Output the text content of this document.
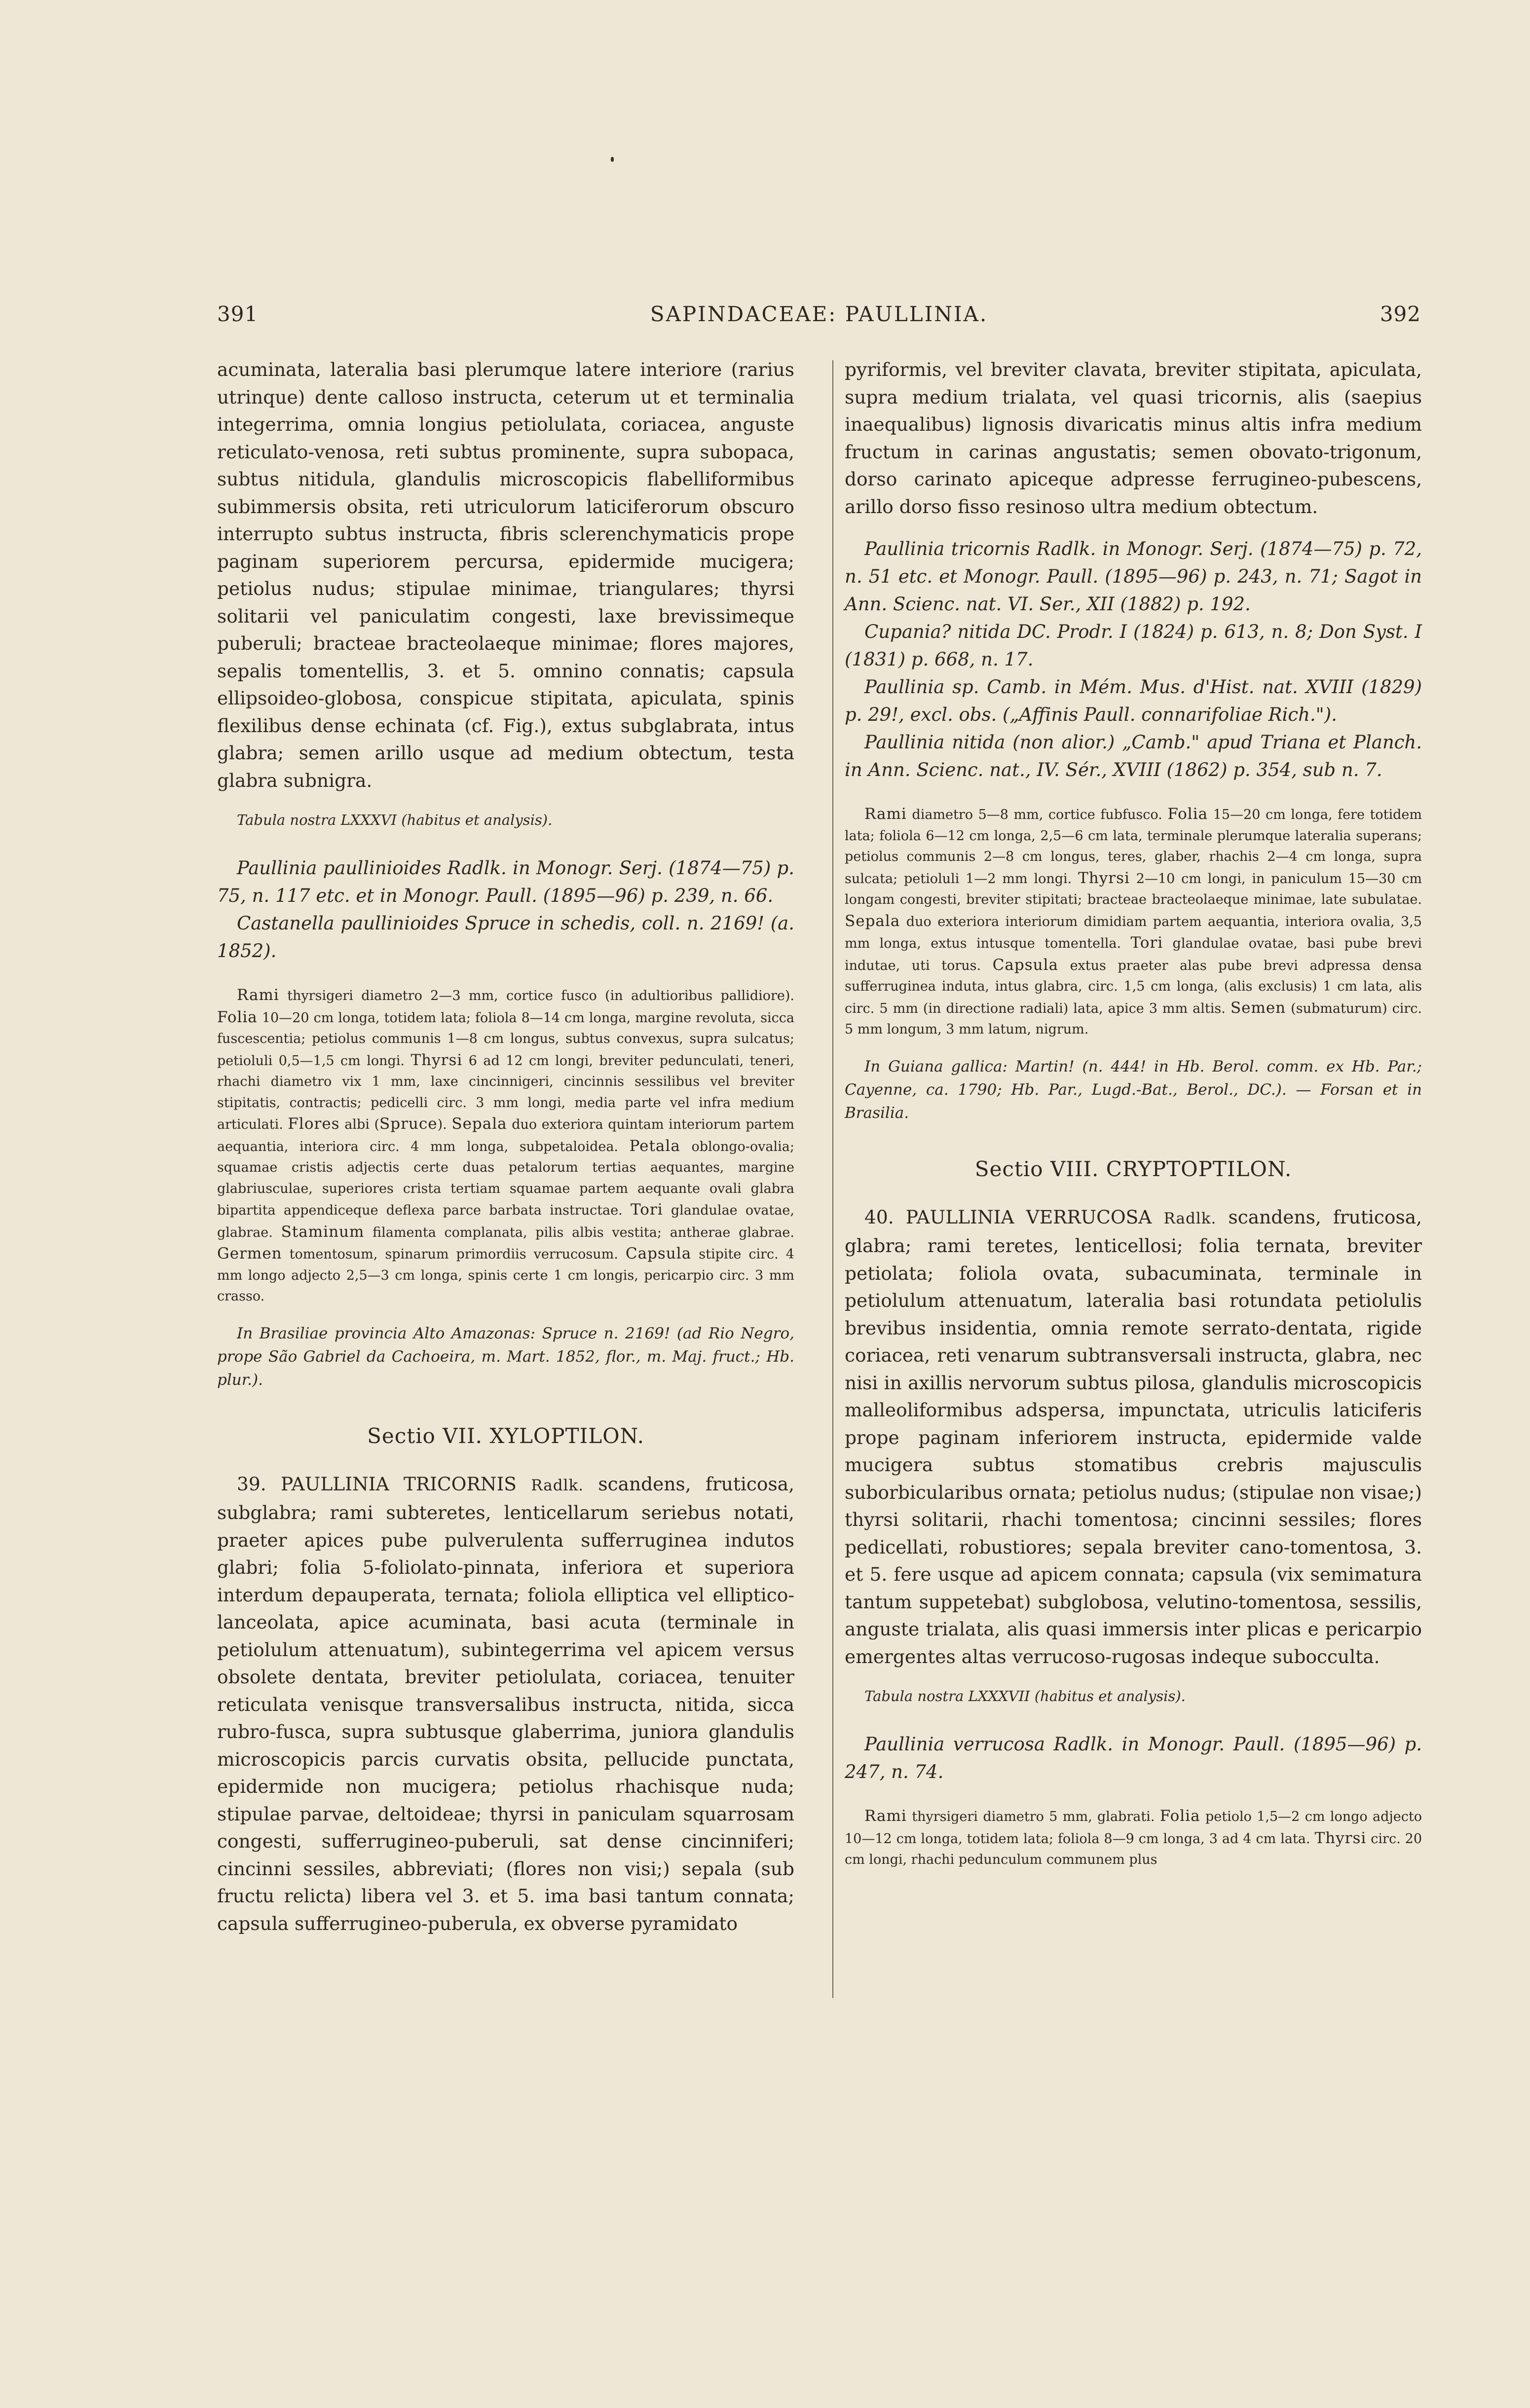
391	SAPINDACEAE: PAULLINIA.	392

acuminata, lateralia basi plerumque latere interiore (rarius utrinque) dente calloso instructa, ceterum ut et terminalia integerrima, omnia longius petiolulata, coriacea, anguste reticulato-venosa, reti subtus prominente, supra subopaca, subtus nitidula, glandulis microscopicis flabelliformibus subimmersis obsita, reti utriculorum laticiferorum obscuro interrupto subtus instructa, fibris sclerenchymaticis prope paginam superiorem percursa, epidermide mucigera; petiolus nudus; stipulae minimae, triangulares; thyrsi solitarii vel paniculatim congesti, laxe brevissimeque puberuli; bracteae bracteolaeque minimae; flores majores, sepalis tomentellis, 3. et 5. omnino connatis; capsula ellipsoideo-globosa, conspicue stipitata, apiculata, spinis flexilibus dense echinata (cf. Fig.), extus subglabrata, intus glabra; semen arillo usque ad medium obtectum, testa glabra subnigra.

Tabula nostra LXXXVI (habitus et analysis).

Paullinia paullinioides Radlk. in Monogr. Serj. (1874—75) p. 75, n. 117 etc. et in Monogr. Paull. (1895—96) p. 239, n. 66.

Castanella paullinioides Spruce in schedis, coll. n. 2169! (a. 1852).

Rami thyrsigeri diametro 2—3 mm, cortice fusco (in adultioribus pallidiore). Folia 10—20 cm longa, totidem lata; foliola 8—14 cm longa, margine revoluta, sicca fuscescentia; petiolus communis 1—8 cm longus, subtus convexus, supra sulcatus; petioluli 0,5—1,5 cm longi. Thyrsi 6 ad 12 cm longi, breviter pedunculati, teneri, rhachi diametro vix 1 mm, laxe cincinnigeri, cincinnis sessilibus vel breviter stipitatis, contractis; pedicelli circ. 3 mm longi, media parte vel infra medium articulati. Flores albi (Spruce). Sepala duo exteriora quintam interiorum partem aequantia, interiora circ. 4 mm longa, subpetaloidea. Petala oblongo-ovalia; squamae cristis adjectis certe duas petalorum tertias aequantes, margine glabriusculae, superiores crista tertiam squamae partem aequante ovali glabra bipartita appendiceque deflexa parce barbata instructae. Tori glandulae ovatae, glabrae. Staminum filamenta complanata, pilis albis vestita; antherae glabrae. Germen tomentosum, spinarum primordiis verrucosum. Capsula stipite circ. 4 mm longo adjecto 2,5—3 cm longa, spinis certe 1 cm longis, pericarpio circ. 3 mm crasso.

In Brasiliae provincia Alto Amazonas: Spruce n. 2169! (ad Rio Negro, prope São Gabriel da Cachoeira, m. Mart. 1852, flor., m. Maj. fruct.; Hb. plur.).

Sectio VII. XYLOPTILON.

39. PAULLINIA TRICORNIS Radlk. scandens, fruticosa, subglabra; rami subteretes, lenticellarum seriebus notati, praeter apices pube pulverulenta sufferruginea indutos glabri; folia 5-foliolato-pinnata, inferiora et superiora interdum depauperata, ternata; foliola elliptica vel elliptico-lanceolata, apice acuminata, basi acuta (terminale in petiolulum attenuatum), subintegerrima vel apicem versus obsolete dentata, breviter petiolulata, coriacea, tenuiter reticulata venisque transversalibus instructa, nitida, sicca rubro-fusca, supra subtusque glaberrima, juniora glandulis microscopicis parcis curvatis obsita, pellucide punctata, epidermide non mucigera; petiolus rhachisque nuda; stipulae parvae, deltoideae; thyrsi in paniculam squarrosam congesti, sufferrugineo-puberuli, sat dense cincinniferi; cincinni sessiles, abbreviati; (flores non visi;) sepala (sub fructu relicta) libera vel 3. et 5. ima basi tantum connata; capsula sufferrugineo-puberula, ex obverse pyramidato

pyriformis, vel breviter clavata, breviter stipitata, apiculata, supra medium trialata, vel quasi tricornis, alis (saepius inaequalibus) lignosis divaricatis minus altis infra medium fructum in carinas angustatis; semen obovato-trigonum, dorso carinato apiceque adpresse ferrugineo-pubescens, arillo dorso fisso resinoso ultra medium obtectum.

Paullinia tricornis Radlk. in Monogr. Serj. (1874—75) p. 72, n. 51 etc. et Monogr. Paull. (1895—96) p. 243, n. 71; Sagot in Ann. Scienc. nat. VI. Ser., XII (1882) p. 192.

Cupania? nitida DC. Prodr. I (1824) p. 613, n. 8; Don Syst. I (1831) p. 668, n. 17.

Paullinia sp. Camb. in Mém. Mus. d'Hist. nat. XVIII (1829) p. 29!, excl. obs. („Affinis Paull. connarifoliae Rich.").

Paullinia nitida (non alior.) „Camb." apud Triana et Planch. in Ann. Scienc. nat., IV. Sér., XVIII (1862) p. 354, sub n. 7.

Rami diametro 5—8 mm, cortice fubfusco. Folia 15—20 cm longa, fere totidem lata; foliola 6—12 cm longa, 2,5—6 cm lata, terminale plerumque lateralia superans; petiolus communis 2—8 cm longus, teres, glaber, rhachis 2—4 cm longa, supra sulcata; petioluli 1—2 mm longi. Thyrsi 2—10 cm longi, in paniculum 15—30 cm longam congesti, breviter stipitati; bracteae bracteolaeque minimae, late subulatae. Sepala duo exteriora interiorum dimidiam partem aequantia, interiora ovalia, 3,5 mm longa, extus intusque tomentella. Tori glandulae ovatae, basi pube brevi indutae, uti torus. Capsula extus praeter alas pube brevi adpressa densa sufferruginea induta, intus glabra, circ. 1,5 cm longa, (alis exclusis) 1 cm lata, alis circ. 5 mm (in directione radiali) lata, apice 3 mm altis. Semen (submaturum) circ. 5 mm longum, 3 mm latum, nigrum.

In Guiana gallica: Martin! (n. 444! in Hb. Berol. comm. ex Hb. Par.; Cayenne, ca. 1790; Hb. Par., Lugd.-Bat., Berol., DC.). — Forsan et in Brasilia.

Sectio VIII. CRYPTOPTILON.

40. PAULLINIA VERRUCOSA Radlk. scandens, fruticosa, glabra; rami teretes, lenticellosi; folia ternata, breviter petiolata; foliola ovata, subacuminata, terminale in petiolulum attenuatum, lateralia basi rotundata petiolulis brevibus insidentia, omnia remote serrato-dentata, rigide coriacea, reti venarum subtransversali instructa, glabra, nec nisi in axillis nervorum subtus pilosa, glandulis microscopicis malleoliformibus adspersa, impunctata, utriculis laticiferis prope paginam inferiorem instructa, epidermide valde mucigera subtus stomatibus crebris majusculis suborbicularibus ornata; petiolus nudus; (stipulae non visae;) thyrsi solitarii, rhachi tomentosa; cincinni sessiles; flores pedicellati, robustiores; sepala breviter cano-tomentosa, 3. et 5. fere usque ad apicem connata; capsula (vix semimatura tantum suppetebat) subglobosa, velutino-tomentosa, sessilis, anguste trialata, alis quasi immersis inter plicas e pericarpio emergentes altas verrucoso-rugosas indeque subocculta.

Tabula nostra LXXXVII (habitus et analysis).

Paullinia verrucosa Radlk. in Monogr. Paull. (1895—96) p. 247, n. 74.

Rami thyrsigeri diametro 5 mm, glabrati. Folia petiolo 1,5—2 cm longo adjecto 10—12 cm longa, totidem lata; foliola 8—9 cm longa, 3 ad 4 cm lata. Thyrsi circ. 20 cm longi, rhachi pedunculum communem plus
